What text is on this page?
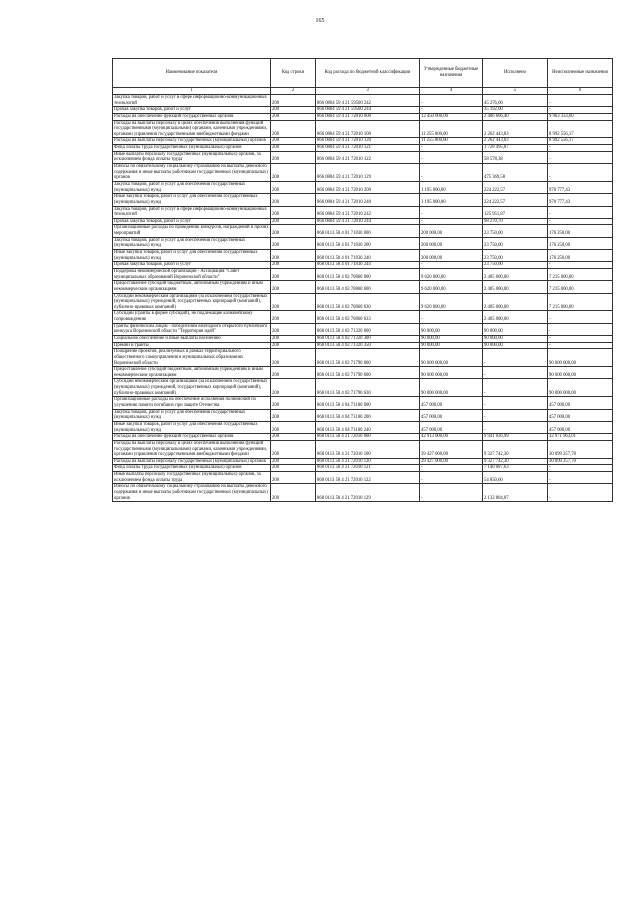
165
Наименование показателя	Код строки	Код расхода по бюджетной классификации	Утвержденные бюджетные назначения	Исполнено	Неисполненные назначения
1	2	3	4	5	6
Закупка товаров, работ и услуг в сфере информационно-коммуникационных технологий	200	866 0804 59 4 21 59500 242	-	45 276,06	-
Прочая закупка товаров, работ и услуг	200	866 0804 59 4 21 59500 244	-	35 192,00	-
Расходы на обеспечение функций государственных органов	200	866 0804 59 4 21 72010 000	12 450 000,00	2 486 666,40	9 963 333,60
Расходы на выплаты персоналу в целях обеспечения выполнения функций государственными (муниципальными) органами, казенными учреждениями, органами управления государственными внебюджетными фондами	200	866 0804 59 4 21 72010 100	11 255 000,00	2 262 443,83	8 992 556,17
Расходы на выплаты персоналу государственных (муниципальных) органов	200	866 0804 59 4 21 72010 120	11 255 000,00	2 262 443,83	8 992 556,17
Фонд оплаты труда государственных (муниципальных) органов	200	866 0804 59 4 21 72010 121	-	1 728 495,87	-
Иные выплаты персоналу государственных (муниципальных) органов, за исключением фонда оплаты труда	200	866 0804 59 4 21 72010 122	-	58 578,38	-
Взносы по обязательному социальному страхованию на выплаты денежного содержания и иные выплаты работникам государственных (муниципальных) органов	200	866 0804 59 4 21 72010 129	-	475 369,58	-
Закупка товаров, работ и услуг для обеспечения государственных (муниципальных) нужд	200	866 0804 59 4 21 72010 200	1 195 000,00	224 222,57	970 777,43
Иные закупки товаров, работ и услуг для обеспечения государственных (муниципальных) нужд	200	866 0804 59 4 21 72010 240	1 195 000,00	224 222,57	970 777,43
Закупка товаров, работ и услуг в сфере информационно-коммуникационных технологий	200	866 0804 59 4 21 72010 242	-	125 951,87	-
Прочая закупка товаров, работ и услуг	200	866 0804 59 4 21 72010 244	-	98 270,70	-
Организационные расходы по проведению конкурсов, награждений и прочих мероприятий	200	868 0113 58 4 01 71830 000	200 000,00	23 750,00	176 250,00
Закупка товаров, работ и услуг для обеспечения государственных (муниципальных) нужд	200	868 0113 58 4 01 71830 200	200 000,00	23 750,00	176 250,00
Иные закупки товаров, работ и услуг для обеспечения государственных (муниципальных) нужд	200	868 0113 58 4 01 71830 240	200 000,00	23 750,00	176 250,00
Прочая закупка товаров, работ и услуг	200	868 0113 58 4 01 71830 244	-	23 750,00	-
Поддержка некоммерческой организации - Ассоциация "Совет муниципальных образований Воронежской области"	200	868 0113 58 4 02 70860 000	9 620 000,00	2 405 000,00	7 215 000,00
Предоставление субсидий бюджетным, автономным учреждениям и иным некоммерческим организациям	200	868 0113 58 4 02 70860 600	9 620 000,00	2 405 000,00	7 215 000,00
Субсидии некоммерческим организациям (за исключением государственных (муниципальных) учреждений, государственных корпораций (компаний), публично-правовых компаний)	200	868 0113 58 4 02 70860 630	9 620 000,00	2 405 000,00	7 215 000,00
Субсидии (гранты в форме субсидий), не подлежащие казначейскому сопровождению	200	868 0113 58 4 02 70860 633	-	2 405 000,00	-
Гранты физическим лицам - победителям ежегодного открытого публичного конкурса Воронежской области "Территория идей"	200	868 0113 58 4 02 71320 000	90 000,00	90 000,00	-
Социальное обеспечение и иные выплаты населению	200	868 0113 58 4 02 71320 300	90 000,00	90 000,00	-
Премии и гранты	200	868 0113 58 4 02 71320 350	90 000,00	90 000,00	-
Поощрение проектов, реализуемых в рамках территориального общественного самоуправления в муниципальных образованиях Воронежской области	200	868 0113 58 4 02 71790 000	90 000 000,00	-	90 000 000,00
Предоставление субсидий бюджетным, автономным учреждениям и иным некоммерческим организациям	200	868 0113 58 4 02 71790 600	90 000 000,00	-	90 000 000,00
Субсидии некоммерческим организациям (за исключением государственных (муниципальных) учреждений, государственных корпораций (компаний), публично-правовых компаний)	200	868 0113 58 4 02 71790 630	90 000 000,00	-	90 000 000,00
Организационные расходы на обеспечение исполнения полномочий по улучшению памяти погибших при защите Отечества	200	868 0113 58 4 04 73180 000	457 000,00	-	457 000,00
Закупка товаров, работ и услуг для обеспечения государственных (муниципальных) нужд	200	868 0113 58 4 04 73180 200	457 000,00	-	457 000,00
Иные закупки товаров, работ и услуг для обеспечения государственных (муниципальных) нужд	200	868 0113 58 4 04 73180 240	457 000,00	-	457 000,00
Расходы на обеспечение функций государственных органов	200	868 0113 58 4 21 72010 000	42 913 000,00	9 941 036,99	32 971 963,01
Расходы на выплаты персоналу в целях обеспечения выполнения функций государственными (муниципальными) органами, казенными учреждениями, органами управления государственными внебюджетными фондами	200	868 0113 58 4 21 72010 100	39 427 000,00	9 327 742,30	30 099 257,70
Расходы на выплаты персоналу государственных (муниципальных) органов	200	868 0113 58 4 21 72010 120	39 427 000,00	9 327 742,30	30 099 257,70
Фонд оплаты труда государственных (муниципальных) органов	200	868 0113 58 4 21 72010 121	-	7 140 087,63	-
Иные выплаты персоналу государственных (муниципальных) органов, за исключением фонда оплаты труда	200	868 0113 58 4 21 72010 122	-	54 850,60	-
Взносы по обязательному социальному страхованию на выплаты денежного содержания и иные выплаты работникам государственных (муниципальных) органов	200	868 0113 58 4 21 72010 129	-	2 132 804,07	-
